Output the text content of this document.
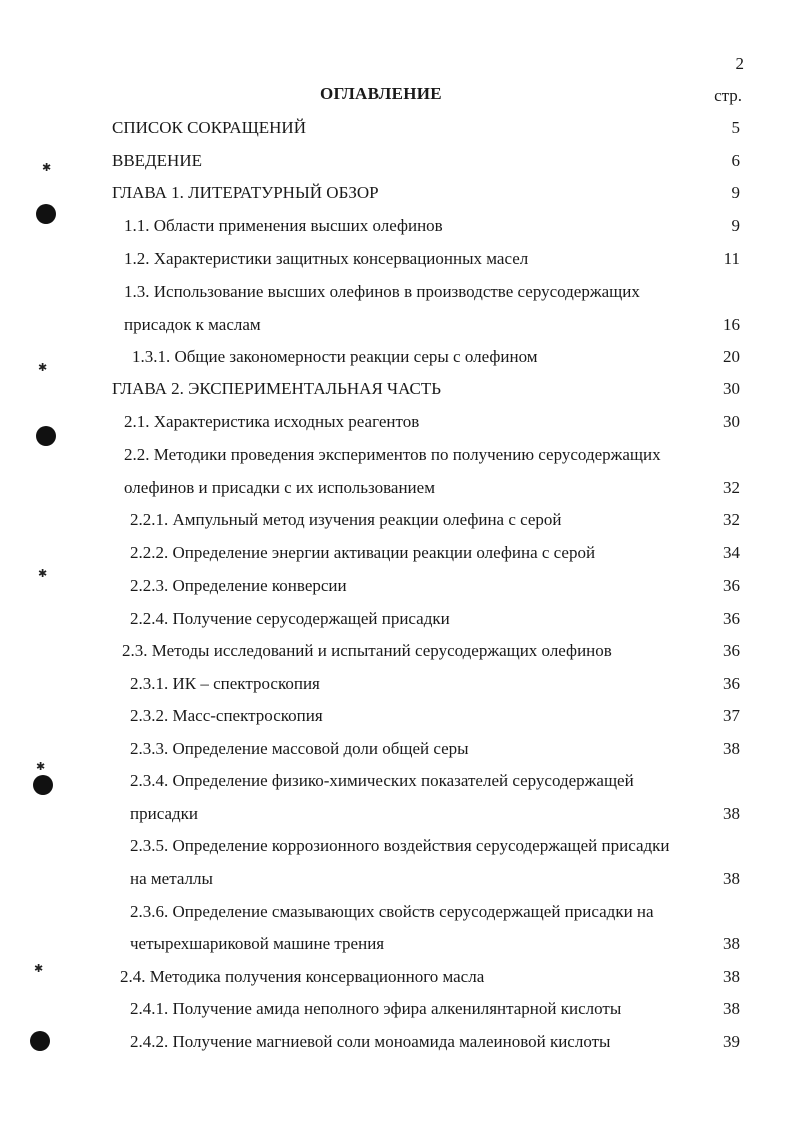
✱
✱
✱
✱
✱
2
ОГЛАВЛЕНИЕ	стр.
СПИСОК СОКРАЩЕНИЙ	5
ВВЕДЕНИЕ	6
ГЛАВА 1. ЛИТЕРАТУРНЫЙ ОБЗОР	9
1.1. Области применения высших олефинов	9
1.2. Характеристики защитных консервационных масел	11
1.3. Использование высших олефинов в производстве серусодержащих
присадок к маслам	16
1.3.1. Общие закономерности реакции серы с олефином	20
ГЛАВА 2. ЭКСПЕРИМЕНТАЛЬНАЯ ЧАСТЬ	30
2.1. Характеристика исходных реагентов	30
2.2. Методики проведения экспериментов по получению серусодержащих
олефинов и присадки с их использованием	32
2.2.1. Ампульный метод изучения реакции олефина с серой	32
2.2.2. Определение энергии активации реакции олефина с серой	34
2.2.3. Определение конверсии	36
2.2.4. Получение серусодержащей присадки	36
2.3. Методы исследований и испытаний серусодержащих олефинов	36
2.3.1. ИК – спектроскопия	36
2.3.2. Масс-спектроскопия	37
2.3.3. Определение массовой доли общей серы	38
2.3.4. Определение физико-химических показателей серусодержащей
присадки	38
2.3.5. Определение коррозионного воздействия серусодержащей присадки
на металлы	38
2.3.6. Определение смазывающих свойств серусодержащей присадки на
четырехшариковой машине трения	38
2.4. Методика получения консервационного масла	38
2.4.1. Получение амида неполного эфира алкенилянтарной кислоты	38
2.4.2. Получение магниевой соли моноамида малеиновой кислоты	39
